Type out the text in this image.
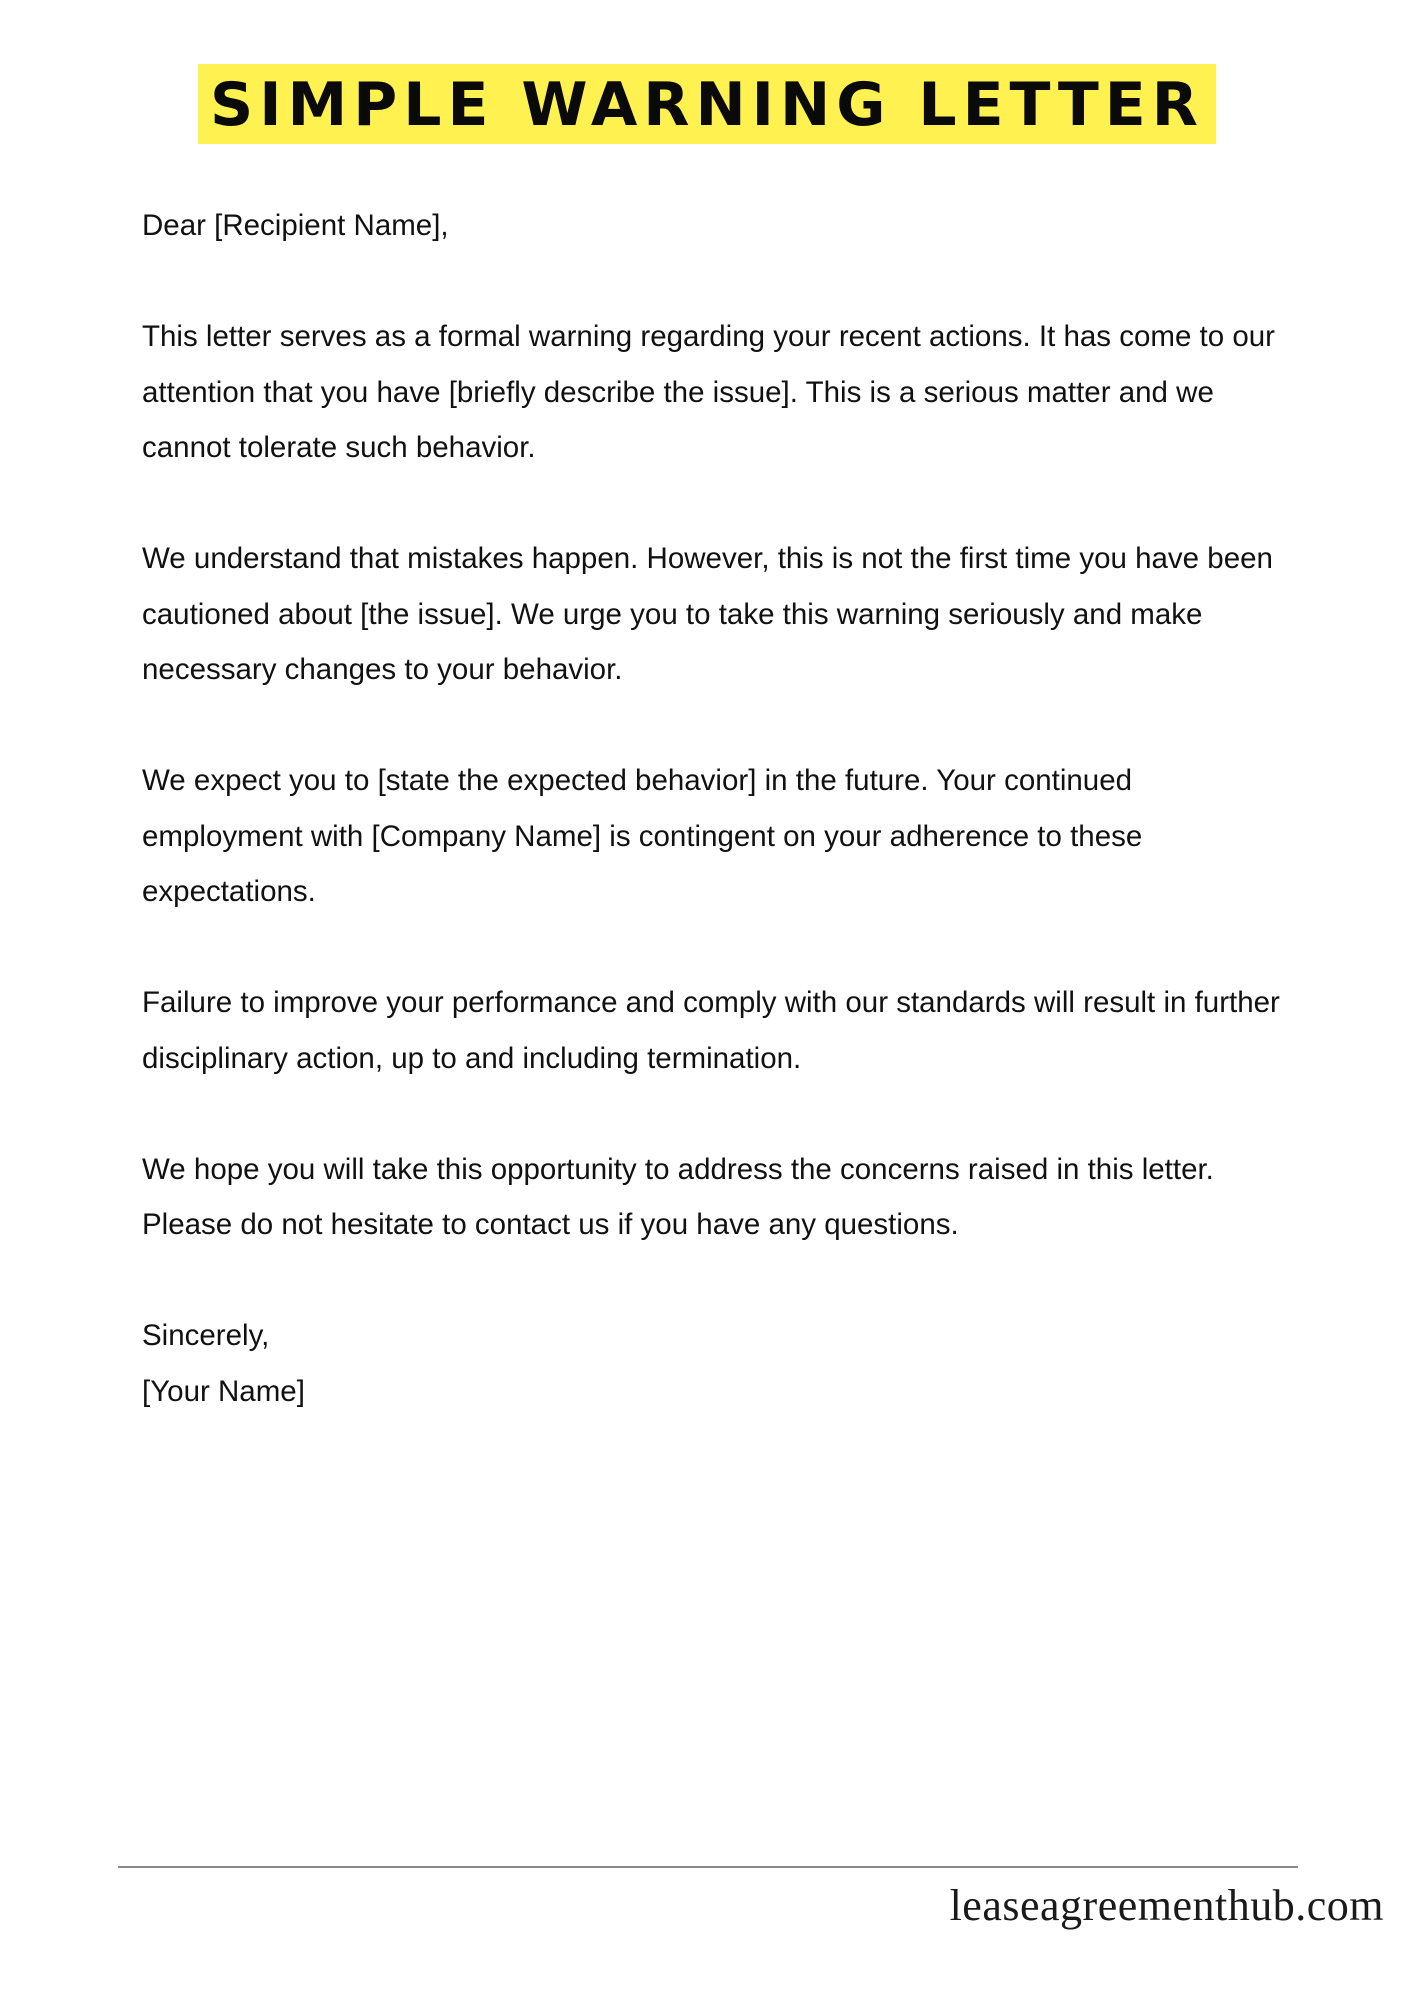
SIMPLE WARNING LETTER

Dear [Recipient Name],

This letter serves as a formal warning regarding your recent actions. It has come to our attention that you have [briefly describe the issue]. This is a serious matter and we cannot tolerate such behavior.

We understand that mistakes happen. However, this is not the first time you have been cautioned about [the issue]. We urge you to take this warning seriously and make necessary changes to your behavior.

We expect you to [state the expected behavior] in the future. Your continued employment with [Company Name] is contingent on your adherence to these expectations.

Failure to improve your performance and comply with our standards will result in further disciplinary action, up to and including termination.

We hope you will take this opportunity to address the concerns raised in this letter. Please do not hesitate to contact us if you have any questions.

Sincerely,
[Your Name]
leaseagreementhub.com
